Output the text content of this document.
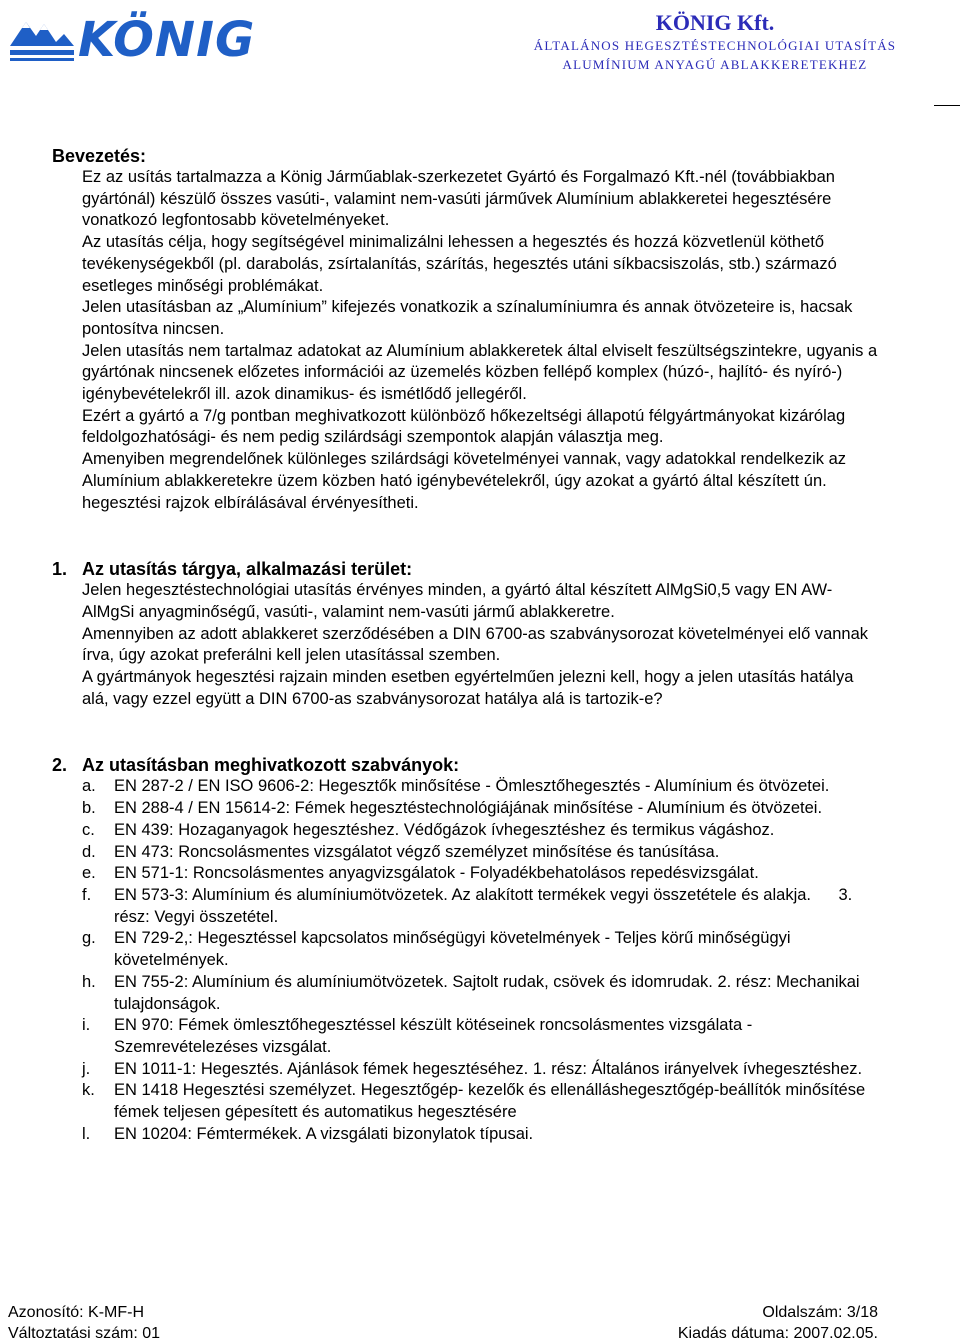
KÖNIG	KÖNIG Kft.
ÁLTALÁNOS HEGESZTÉSTECHNOLÓGIAI UTASÍTÁS
ALUMÍNIUM ANYAGÚ ABLAKKERETEKHEZ
Bevezetés:

Ez az usítás tartalmazza a König Járműablak-szerkezetet Gyártó és Forgalmazó Kft.-nél (továbbiakban gyártónál) készülő összes vasúti-, valamint nem-vasúti járművek Alumínium ablakkeretei hegesztésére vonatkozó legfontosabb követelményeket.

Az utasítás célja, hogy segítségével minimalizálni lehessen a hegesztés és hozzá közvetlenül köthető tevékenységekből (pl. darabolás, zsírtalanítás, szárítás, hegesztés utáni síkbacsiszolás, stb.) származó esetleges minőségi problémákat.

Jelen utasításban az „Alumínium” kifejezés vonatkozik a színalumíniumra és annak ötvözeteire is, hacsak pontosítva nincsen.

Jelen utasítás nem tartalmaz adatokat az Alumínium ablakkeretek által elviselt feszültségszintekre, ugyanis a gyártónak nincsenek előzetes információi az üzemelés közben fellépő komplex (húzó-, hajlító- és nyíró-) igénybevételekről ill. azok dinamikus- és ismétlődő jellegéről.

Ezért a gyártó a 7/g pontban meghivatkozott különböző hőkezeltségi állapotú félgyártmányokat kizárólag feldolgozhatósági- és nem pedig szilárdsági szempontok alapján választja meg.

Amenyiben megrendelőnek különleges szilárdsági követelményei vannak, vagy adatokkal rendelkezik az Alumínium ablakkeretekre üzem közben ható igénybevételekről, úgy azokat a gyártó által készített ún. hegesztési rajzok elbírálásával érvényesítheti.

1. Az utasítás tárgya, alkalmazási terület:

Jelen hegesztéstechnológiai utasítás érvényes minden, a gyártó által készített AlMgSi0,5 vagy EN AW-AlMgSi anyagminőségű, vasúti-, valamint nem-vasúti jármű ablakkeretre.

Amennyiben az adott ablakkeret szerződésében a DIN 6700-as szabványsorozat követelményei elő vannak írva, úgy azokat preferálni kell jelen utasítással szemben.

A gyártmányok hegesztési rajzain minden esetben egyértelműen jelezni kell, hogy a jelen utasítás hatálya alá, vagy ezzel együtt a DIN 6700-as szabványsorozat hatálya alá is tartozik-e?

2. Az utasításban meghivatkozott szabványok:
a. EN 287-2 / EN ISO 9606-2: Hegesztők minősítése - Ömlesztőhegesztés - Alumínium és ötvözetei.
b. EN 288-4 / EN 15614-2: Fémek hegesztéstechnológiájának minősítése - Alumínium és ötvözetei.
c. EN 439: Hozaganyagok hegesztéshez. Védőgázok ívhegesztéshez és termikus vágáshoz.
d. EN 473: Roncsolásmentes vizsgálatot végző személyzet minősítése és tanúsítása.
e. EN 571-1: Roncsolásmentes anyagvizsgálatok - Folyadékbehatolásos repedésvizsgálat.
f. EN 573-3: Alumínium és alumíniumötvözetek. Az alakított termékek vegyi összetétele és alakja.      3. rész: Vegyi összetétel.
g. EN 729-2,: Hegesztéssel kapcsolatos minőségügyi követelmények - Teljes körű minőségügyi követelmények.
h. EN 755-2: Alumínium és alumíniumötvözetek. Sajtolt rudak, csövek és idomrudak. 2. rész: Mechanikai tulajdonságok.
i. EN 970: Fémek ömlesztőhegesztéssel készült kötéseinek roncsolásmentes vizsgálata - Szemrevételezéses vizsgálat.
j. EN 1011-1: Hegesztés. Ajánlások fémek hegesztéséhez. 1. rész: Általános irányelvek ívhegesztéshez.
k. EN 1418 Hegesztési személyzet. Hegesztőgép- kezelők és ellenálláshegesztőgép-beállítók minősítése fémek teljesen gépesített és automatikus hegesztésére
l. EN 10204: Fémtermékek. A vizsgálati bizonylatok típusai.
Azonosító: K-MF-H	Oldalszám: 3/18
Változtatási szám: 01	Kiadás dátuma: 2007.02.05.
